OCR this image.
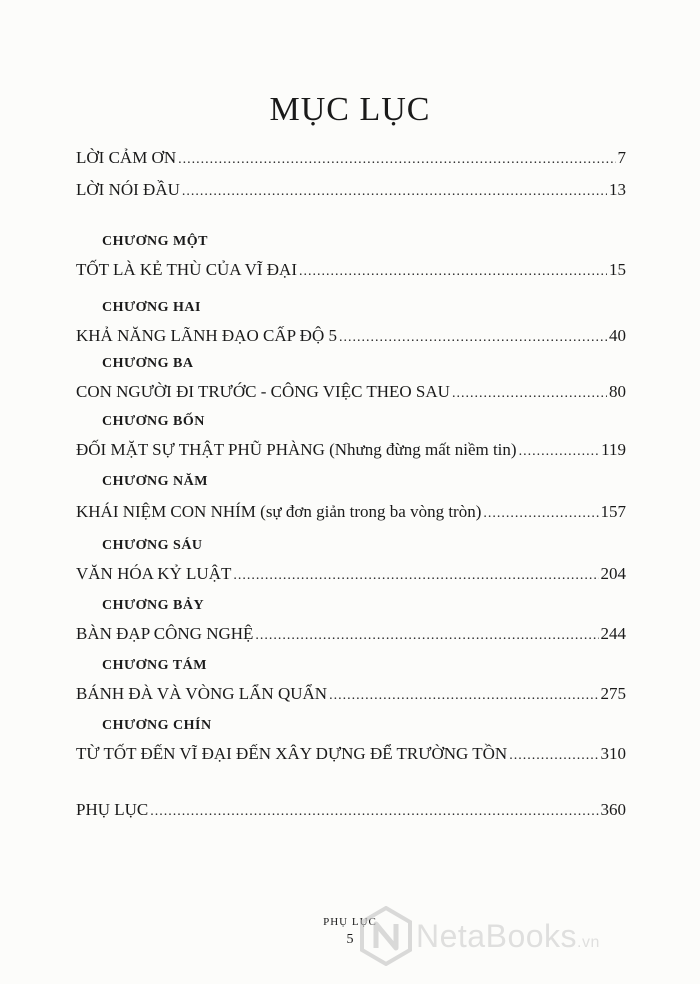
MỤC LỤC
LỜI CẢM ƠN .....	7
LỜI NÓI ĐẦU .....	13
CHƯƠNG MỘT
TỐT LÀ KẺ THÙ CỦA VĨ ĐẠI .....	15
CHƯƠNG HAI
KHẢ NĂNG LÃNH ĐẠO CẤP ĐỘ 5 .....	40
CHƯƠNG BA
CON NGƯỜI ĐI TRƯỚC - CÔNG VIỆC THEO SAU .....	80
CHƯƠNG BỐN
ĐỐI MẶT SỰ THẬT PHŨ PHÀNG (Nhưng đừng mất niềm tin) .....	119
CHƯƠNG NĂM
KHÁI NIỆM CON NHÍM (sự đơn giản trong ba vòng tròn) .....	157
CHƯƠNG SÁU
VĂN HÓA KỶ LUẬT .....	204
CHƯƠNG BẢY
BÀN ĐẠP CÔNG NGHỆ .....	244
CHƯƠNG TÁM
BÁNH ĐÀ VÀ VÒNG LẨN QUẨN .....	275
CHƯƠNG CHÍN
TỪ TỐT ĐẾN VĨ ĐẠI ĐẾN XÂY DỰNG ĐỂ TRƯỜNG TỒN .....	310
PHỤ LỤC .....	360
PHỤ LỤC
5	NetaBooks.vn
